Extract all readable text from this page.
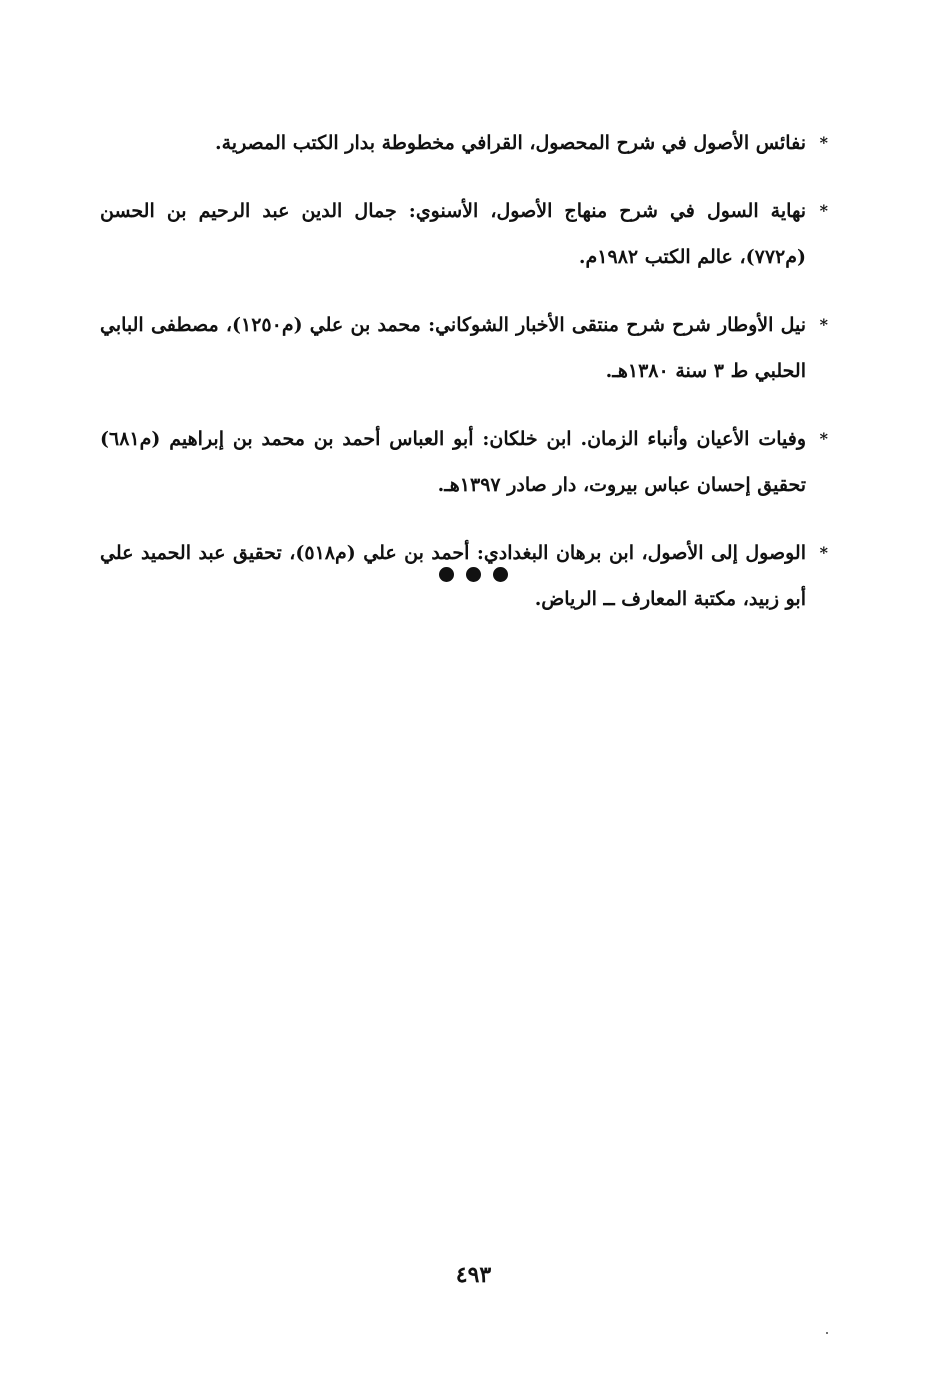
*
نفائس الأصول في شرح المحصول، القرافي مخطوطة بدار الكتب المصرية.
*
نهاية السول في شرح منهاج الأصول، الأسنوي: جمال الدين عبد الرحيم بن الحسن (م٧٧٢)، عالم الكتب ١٩٨٢م.
*
نيل الأوطار شرح شرح منتقى الأخبار الشوكاني: محمد بن علي (م١٢٥٠)، مصطفى البابي الحلبي ط ٣ سنة ١٣٨٠هـ.
*
وفيات الأعيان وأنباء الزمان. ابن خلكان: أبو العباس أحمد بن محمد بن إبراهيم (م٦٨١) تحقيق إحسان عباس بيروت، دار صادر ١٣٩٧هـ.
*
الوصول إلى الأصول، ابن برهان البغدادي: أحمد بن علي (م٥١٨)، تحقيق عبد الحميد علي أبو زبيد، مكتبة المعارف ــ الرياض.

٤٩٣
